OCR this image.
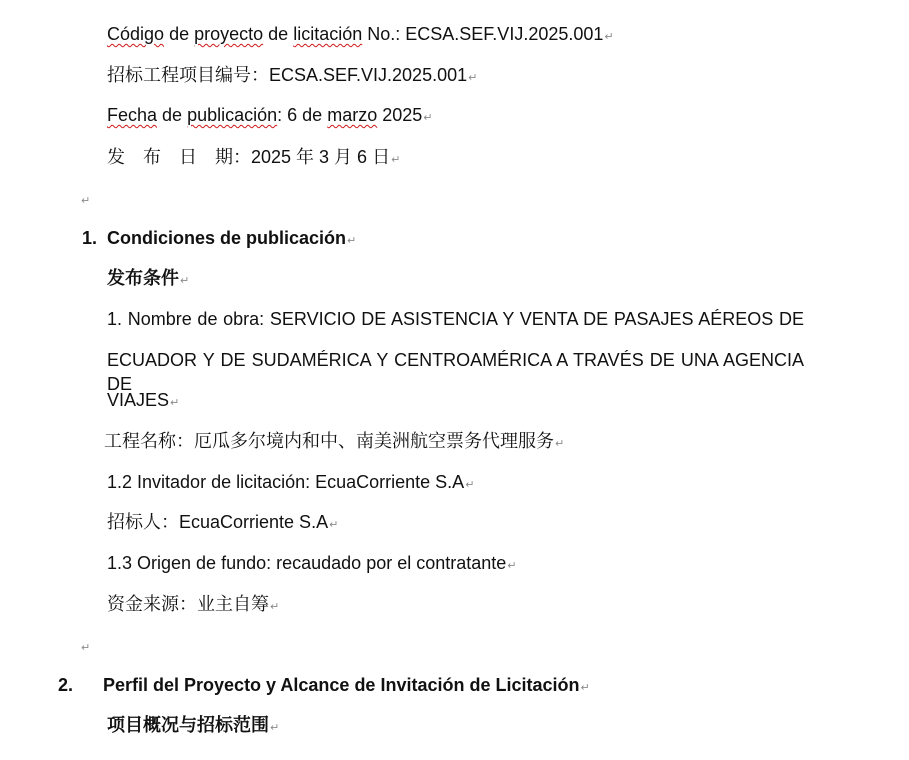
Código de proyecto de licitación No.: ECSA.SEF.VIJ.2025.001↵
招标工程项目编号：ECSA.SEF.VIJ.2025.001↵
Fecha de publicación: 6 de marzo 2025↵
发　布　日　期：2025 年 3 月 6 日↵
↵
1. Condiciones de publicación↵
发布条件↵
1. Nombre de obra: SERVICIO DE ASISTENCIA Y VENTA DE PASAJES AÉREOS DE
ECUADOR Y DE SUDAMÉRICA Y CENTROAMÉRICA A TRAVÉS DE UNA AGENCIA DE
VIAJES↵
工程名称：厄瓜多尔境内和中、南美洲航空票务代理服务↵
1.2 Invitador de licitación: EcuaCorriente S.A↵
招标人：EcuaCorriente S.A↵
1.3 Origen de fundo: recaudado por el contratante↵
资金来源：业主自筹↵
↵
2. Perfil del Proyecto y Alcance de Invitación de Licitación↵
项目概况与招标范围↵
